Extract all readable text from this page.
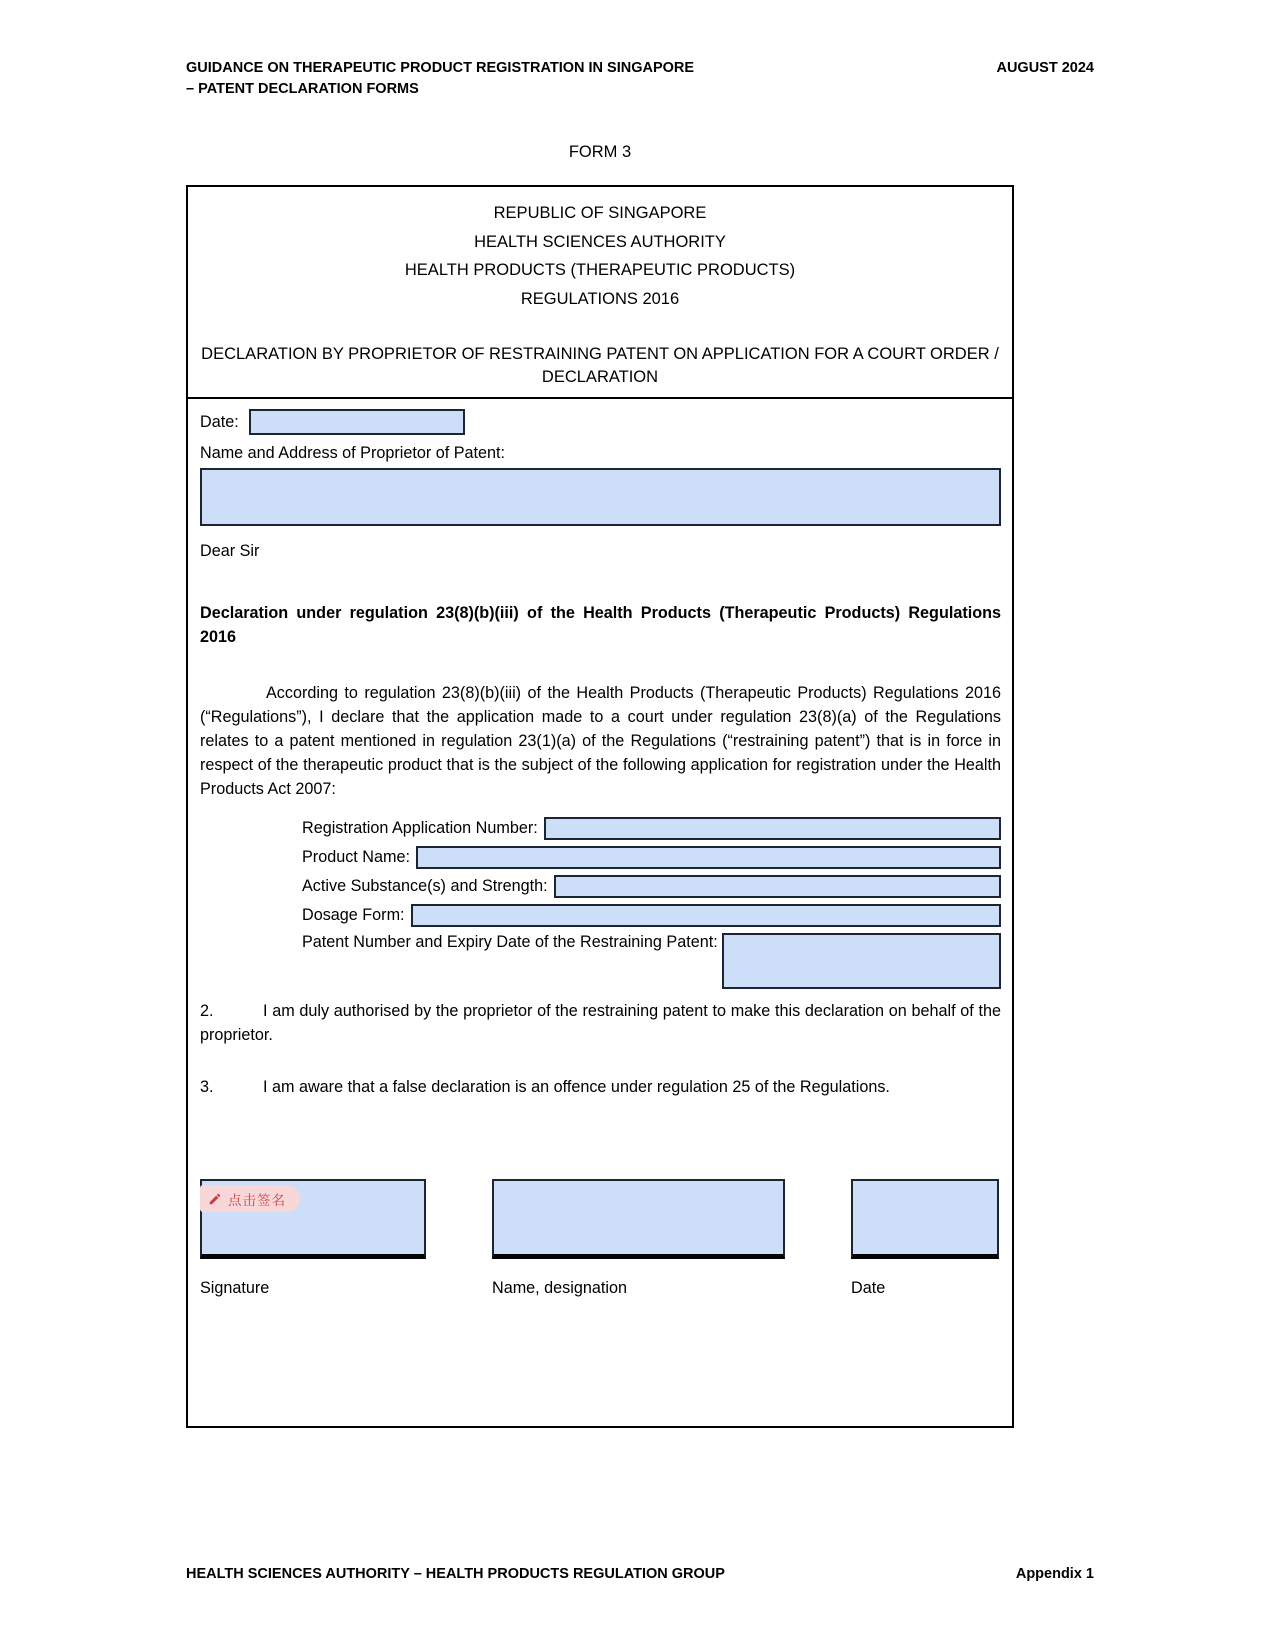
GUIDANCE ON THERAPEUTIC PRODUCT REGISTRATION IN SINGAPORE
– PATENT DECLARATION FORMS
AUGUST 2024
FORM 3
REPUBLIC OF SINGAPORE
HEALTH SCIENCES AUTHORITY
HEALTH PRODUCTS (THERAPEUTIC PRODUCTS)
REGULATIONS 2016
DECLARATION BY PROPRIETOR OF RESTRAINING PATENT ON APPLICATION FOR A COURT ORDER / DECLARATION
Date:
Name and Address of Proprietor of Patent:
Dear Sir
Declaration under regulation 23(8)(b)(iii) of the Health Products (Therapeutic Products) Regulations 2016

According to regulation 23(8)(b)(iii) of the Health Products (Therapeutic Products) Regulations 2016 (“Regulations”), I declare that the application made to a court under regulation 23(8)(a) of the Regulations relates to a patent mentioned in regulation 23(1)(a) of the Regulations (“restraining patent”) that is in force in respect of the therapeutic product that is the subject of the following application for registration under the Health Products Act 2007:

Registration Application Number:
Product Name:
Active Substance(s) and Strength:
Dosage Form:
Patent Number and Expiry Date of the Restraining Patent:

2.	I am duly authorised by the proprietor of the restraining patent to make this declaration on behalf of the proprietor.

3.	I am aware that a false declaration is an offence under regulation 25 of the Regulations.

点击签名
Signature	Name, designation	Date
HEALTH SCIENCES AUTHORITY – HEALTH PRODUCTS REGULATION GROUP	Appendix 1
